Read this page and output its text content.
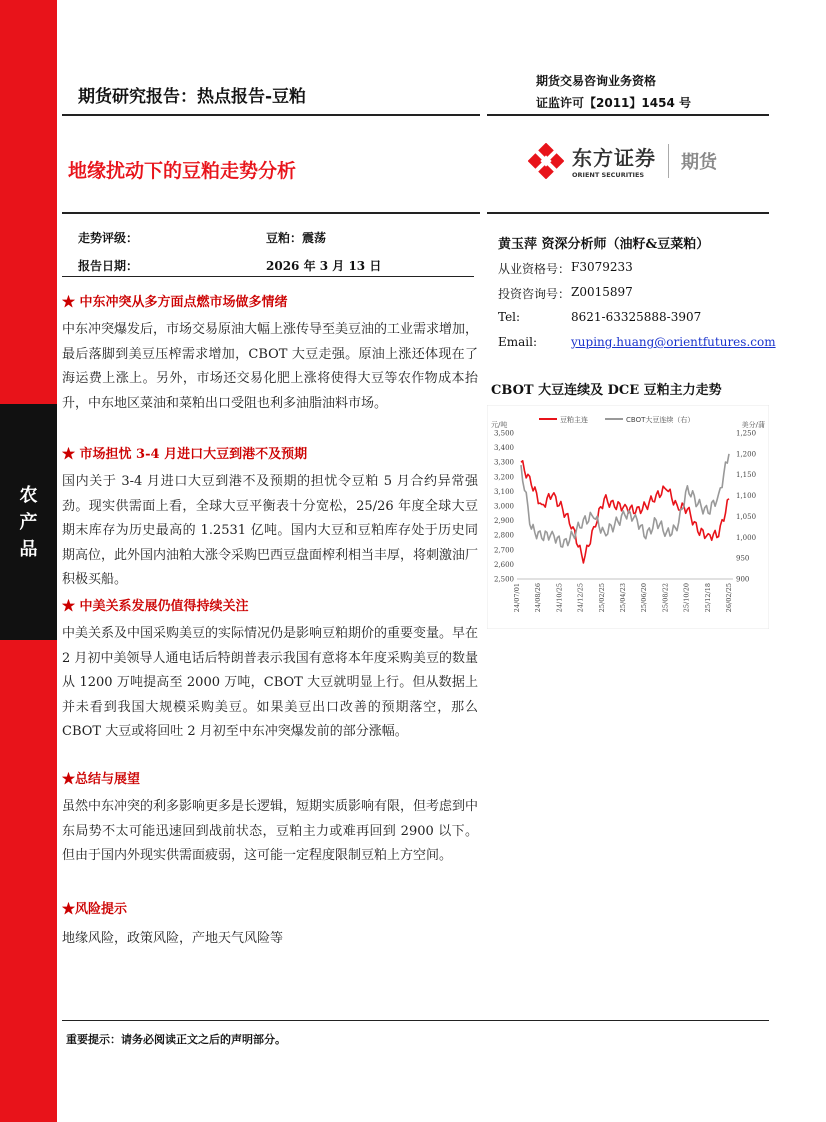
农
产
品
期货研究报告：热点报告-豆粕
期货交易咨询业务资格
证监许可【2011】1454 号
地缘扰动下的豆粕走势分析
东方证券
ORIENT SECURITIES
期货
走势评级：	豆粕：震荡
报告日期：	2026 年 3 月 13 日
黄玉萍 资深分析师（油籽&豆菜粕）
从业资格号： F3079233
投资咨询号： Z0015897
Tel:	8621-63325888-3907
Email:	yuping.huang@orientfutures.com
★ 中东冲突从多方面点燃市场做多情绪
中东冲突爆发后，市场交易原油大幅上涨传导至美豆油的工业需求增加，最后落脚到美豆压榨需求增加，CBOT 大豆走强。原油上涨还体现在了海运费上涨上。另外，市场还交易化肥上涨将使得大豆等农作物成本抬升，中东地区菜油和菜粕出口受阻也利多油脂油料市场。
★ 市场担忧 3-4 月进口大豆到港不及预期
国内关于 3-4 月进口大豆到港不及预期的担忧令豆粕 5 月合约异常强劲。现实供需面上看，全球大豆平衡表十分宽松，25/26 年度全球大豆期末库存为历史最高的 1.2531 亿吨。国内大豆和豆粕库存处于历史同期高位，此外国内油粕大涨令采购巴西豆盘面榨利相当丰厚，将刺激油厂积极买船。
★ 中美关系发展仍值得持续关注
中美关系及中国采购美豆的实际情况仍是影响豆粕期价的重要变量。早在 2 月初中美领导人通电话后特朗普表示我国有意将本年度采购美豆的数量从 1200 万吨提高至 2000 万吨，CBOT 大豆就明显上行。但从数据上并未看到我国大规模采购美豆。如果美豆出口改善的预期落空，那么 CBOT 大豆或将回吐 2 月初至中东冲突爆发前的部分涨幅。
★总结与展望
虽然中东冲突的利多影响更多是长逻辑，短期实质影响有限，但考虑到中东局势不太可能迅速回到战前状态，豆粕主力或难再回到 2900 以下。但由于国内外现实供需面疲弱，这可能一定程度限制豆粕上方空间。
★风险提示
地缘风险，政策风险，产地天气风险等
CBOT 大豆连续及 DCE 豆粕主力走势
元/吨	美分/蒲
2,500
2,600
2,700
2,800
2,900
3,000
3,100
3,200
3,300
3,400
3,500
900
950
1,000
1,050
1,100
1,150
1,200
1,250
24/07/01 24/08/26 24/10/25 24/12/25 25/02/25 25/04/23 25/06/20 25/08/22 25/10/20 25/12/18 26/02/25
豆粕主连	CBOT大豆连续（右）
重要提示：请务必阅读正文之后的声明部分。
